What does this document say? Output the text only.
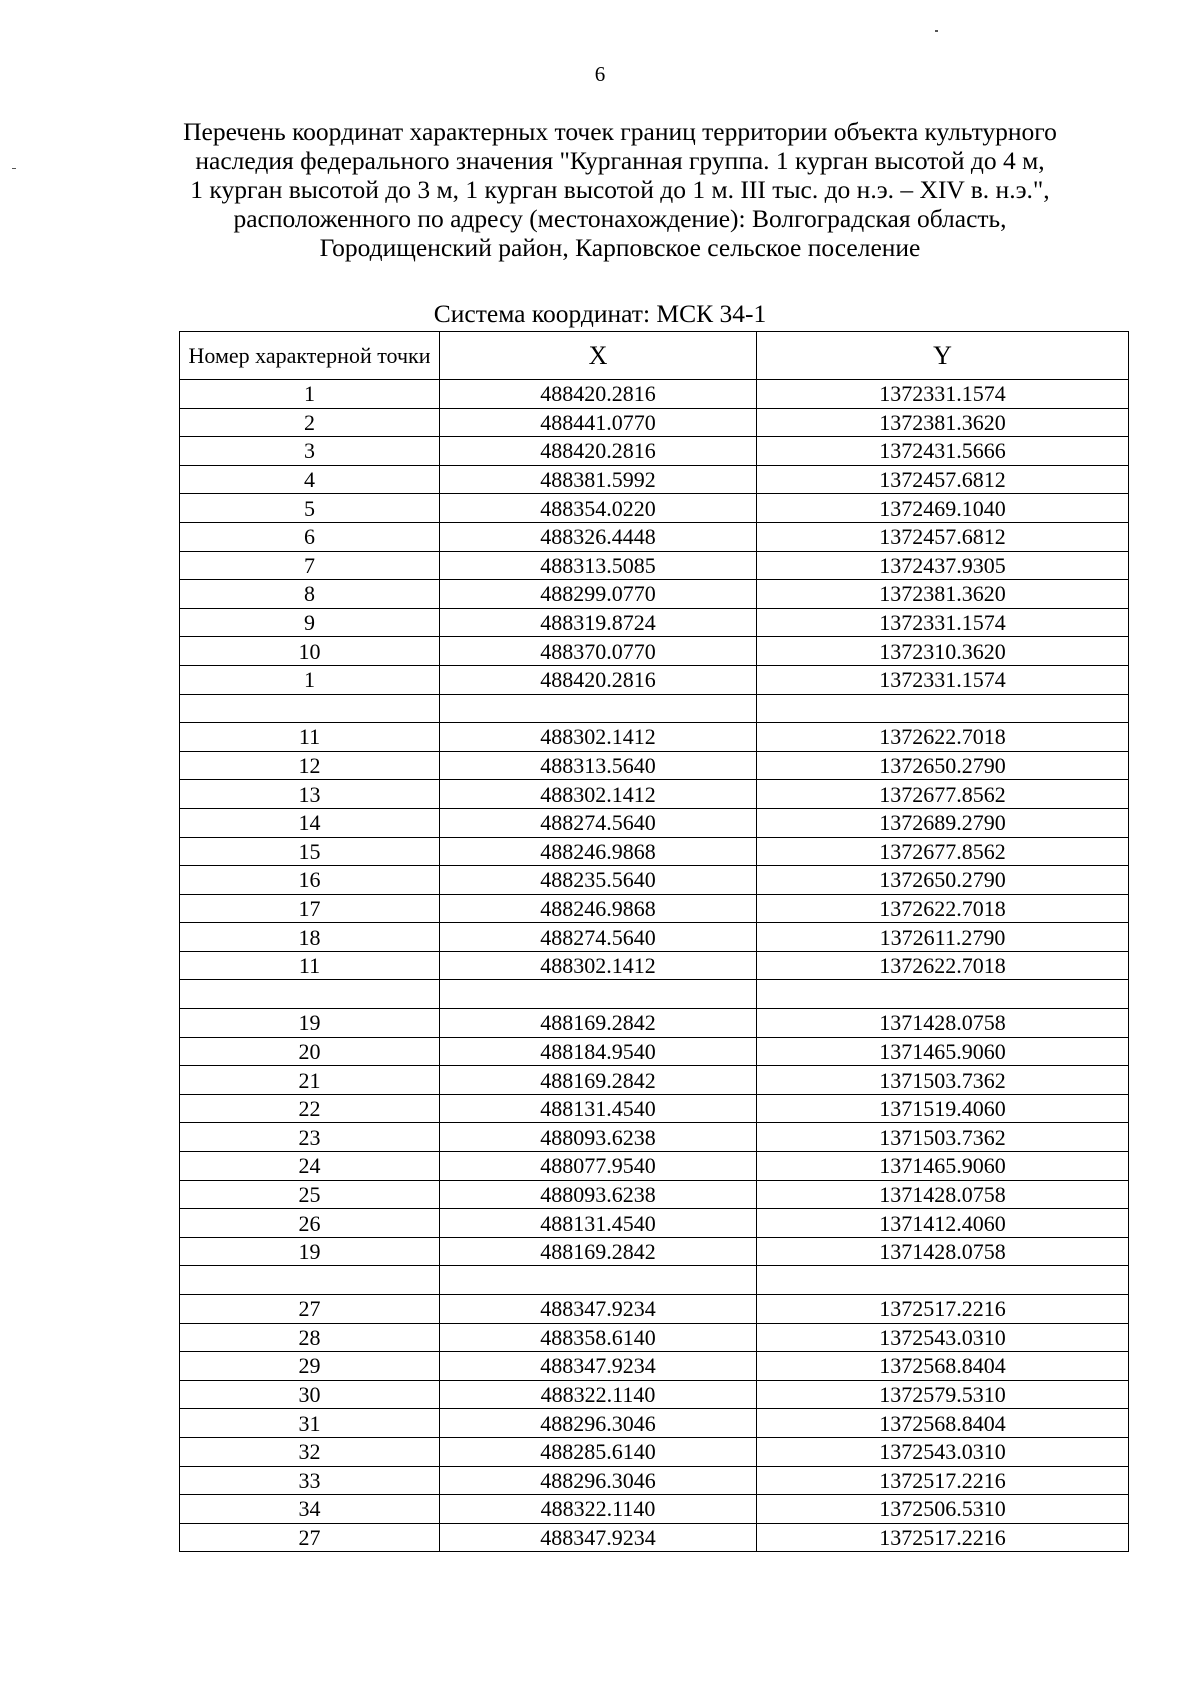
6
Перечень координат характерных точек границ территории объекта культурного
наследия федерального значения "Курганная группа. 1 курган высотой до 4 м,
1 курган высотой до 3 м, 1 курган высотой до 1 м. III тыс. до н.э. – XIV в. н.э.",
расположенного по адресу (местонахождение): Волгоградская область,
Городищенский район, Карповское сельское поселение
Система координат: МСК 34-1
Номер характерной точки	X	Y
1	488420.2816	1372331.1574
2	488441.0770	1372381.3620
3	488420.2816	1372431.5666
4	488381.5992	1372457.6812
5	488354.0220	1372469.1040
6	488326.4448	1372457.6812
7	488313.5085	1372437.9305
8	488299.0770	1372381.3620
9	488319.8724	1372331.1574
10	488370.0770	1372310.3620
1	488420.2816	1372331.1574

11	488302.1412	1372622.7018
12	488313.5640	1372650.2790
13	488302.1412	1372677.8562
14	488274.5640	1372689.2790
15	488246.9868	1372677.8562
16	488235.5640	1372650.2790
17	488246.9868	1372622.7018
18	488274.5640	1372611.2790
11	488302.1412	1372622.7018

19	488169.2842	1371428.0758
20	488184.9540	1371465.9060
21	488169.2842	1371503.7362
22	488131.4540	1371519.4060
23	488093.6238	1371503.7362
24	488077.9540	1371465.9060
25	488093.6238	1371428.0758
26	488131.4540	1371412.4060
19	488169.2842	1371428.0758

27	488347.9234	1372517.2216
28	488358.6140	1372543.0310
29	488347.9234	1372568.8404
30	488322.1140	1372579.5310
31	488296.3046	1372568.8404
32	488285.6140	1372543.0310
33	488296.3046	1372517.2216
34	488322.1140	1372506.5310
27	488347.9234	1372517.2216
